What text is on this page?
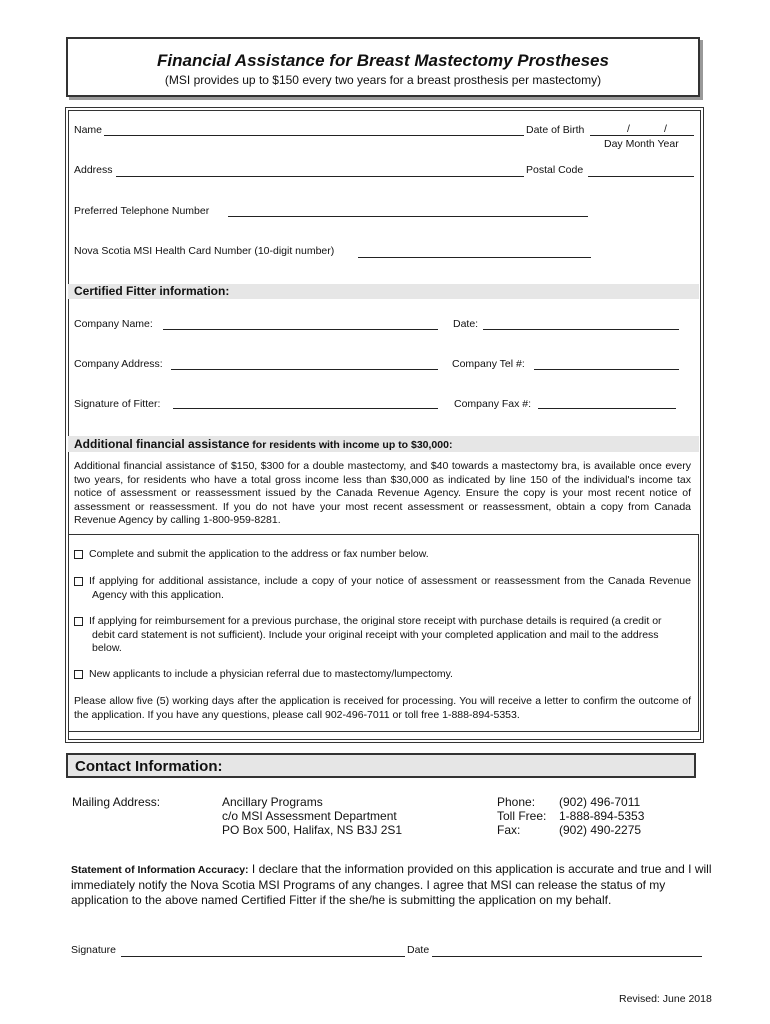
Financial Assistance for Breast Mastectomy Prostheses
(MSI provides up to $150 every two years for a breast prosthesis per mastectomy)
Name	Date of Birth	/	/
Day Month Year
Address	Postal Code
Preferred Telephone Number
Nova Scotia MSI Health Card Number (10-digit number)
Certified Fitter information:
Company Name:	Date:
Company Address:	Company Tel #:
Signature of Fitter:	Company Fax #:
Additional financial assistance for residents with income up to $30,000:
Additional financial assistance of $150, $300 for a double mastectomy, and $40 towards a mastectomy bra, is available once every two years, for residents who have a total gross income less than $30,000 as indicated by line 150 of the individual's income tax notice of assessment or reassessment issued by the Canada Revenue Agency. Ensure the copy is your most recent notice of assessment or reassessment. If you do not have your most recent assessment or reassessment, obtain a copy from Canada Revenue Agency by calling 1-800-959-8281.
Complete and submit the application to the address or fax number below.
If applying for additional assistance, include a copy of your notice of assessment or reassessment from the Canada Revenue Agency with this application.
If applying for reimbursement for a previous purchase, the original store receipt with purchase details is required (a credit or debit card statement is not sufficient). Include your original receipt with your completed application and mail to the address below.
New applicants to include a physician referral due to mastectomy/lumpectomy.
Please allow five (5) working days after the application is received for processing. You will receive a letter to confirm the outcome of the application. If you have any questions, please call 902-496-7011 or toll free 1-888-894-5353.
Contact Information:
Mailing Address:	Ancillary Programs
c/o MSI Assessment Department
PO Box 500, Halifax, NS B3J 2S1
Phone: (902) 496-7011
Toll Free: 1-888-894-5353
Fax:	(902) 490-2275
Statement of Information Accuracy: I declare that the information provided on this application is accurate and true and I will immediately notify the Nova Scotia MSI Programs of any changes. I agree that MSI can release the status of my application to the above named Certified Fitter if the she/he is submitting the application on my behalf.
Signature	Date
Revised: June 2018
